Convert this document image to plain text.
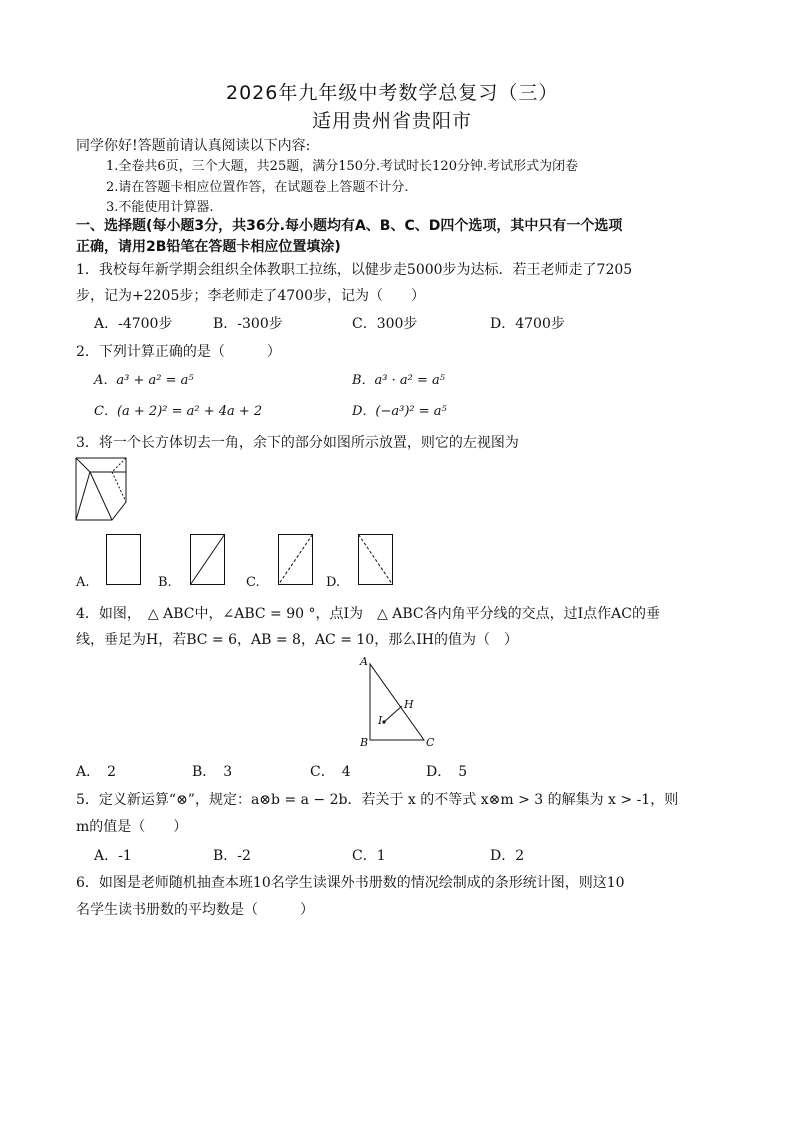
2026年九年级中考数学总复习（三）
适用贵州省贵阳市
同学你好!答题前请认真阅读以下内容:
1.全卷共6页，三个大题，共25题，满分150分.考试时长120分钟.考试形式为闭卷
2.请在答题卡相应位置作答，在试题卷上答题不计分.
3.不能使用计算器.
一、选择题(每小题3分，共36分.每小题均有A、B、C、D四个选项，其中只有一个选项
正确，请用2B铅笔在答题卡相应位置填涂)
1．我校每年新学期会组织全体教职工拉练，以健步走5000步为达标．若王老师走了7205
步，记为+2205步；李老师走了4700步，记为（　　）
A．-4700步	B．-300步	C．300步	D．4700步
2．下列计算正确的是（　　　）
A．a³ + a² = a⁵	B．a³ · a² = a⁵
C．(a + 2)² = a² + 4a + 2	D．(−a³)² = a⁵
3．将一个长方体切去一角，余下的部分如图所示放置，则它的左视图为
A.	B.	C.	D.
4．如图，　△ ABC中，∠ABC = 90 °，点I为　△ ABC各内角平分线的交点，过I点作AC的垂
线，垂足为H，若BC = 6，AB = 8，AC = 10，那么IH的值为（　）
A
B	C
H
I
A．　2	B．　3	C．　4	D．　5
5．定义新运算“⊗”，规定：a⊗b = a − 2b．若关于 x 的不等式 x⊗m > 3 的解集为 x > -1，则
m的值是（　　）
A．-1	B．-2	C．1	D．2
6．如图是老师随机抽查本班10名学生读课外书册数的情况绘制成的条形统计图，则这10
名学生读书册数的平均数是（　　　）
